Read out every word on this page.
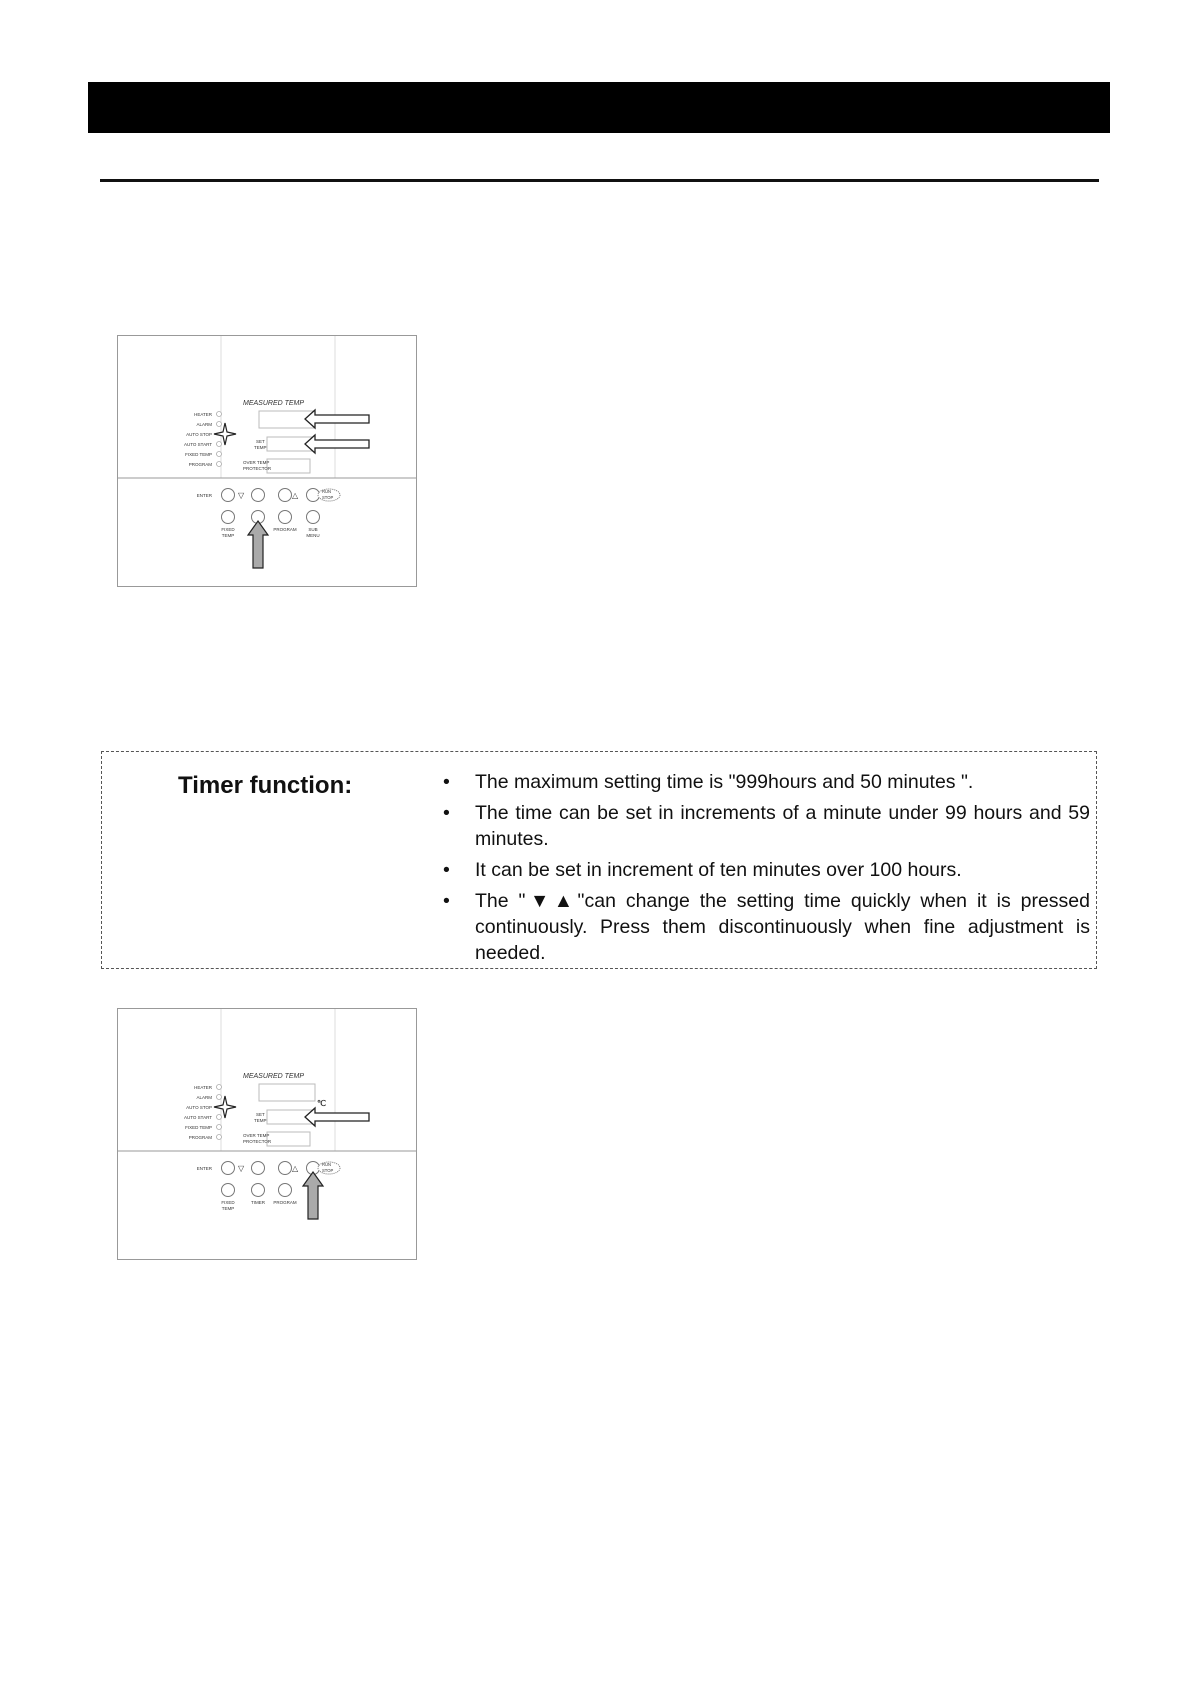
MEASURED TEMP
HEATER
ALARM
AUTO STOP
AUTO START
FIXED TEMP
PROGRAM
SET
TEMP
OVER TEMP
PROTECTOR
ENTER	▽	△	RUN
STOP
FIXED
TEMP
PROGRAM	SUB
MENU

Timer function:	• The maximum setting time is "999hours and 50 minutes ".
• The time can be set in increments of a minute under 99 hours and 59 minutes.
• It can be set in increment of ten minutes over 100 hours.
• The "▼▲"can change the setting time quickly when it is pressed continuously. Press them discontinuously when fine adjustment is needed.
MEASURED TEMP
℃
HEATER
ALARM
AUTO STOP
AUTO START
FIXED TEMP
PROGRAM
SET
TEMP
OVER TEMP
PROTECTOR
ENTER	▽	△	RUN
STOP
FIXED
TEMP
TIMER PROGRAM
